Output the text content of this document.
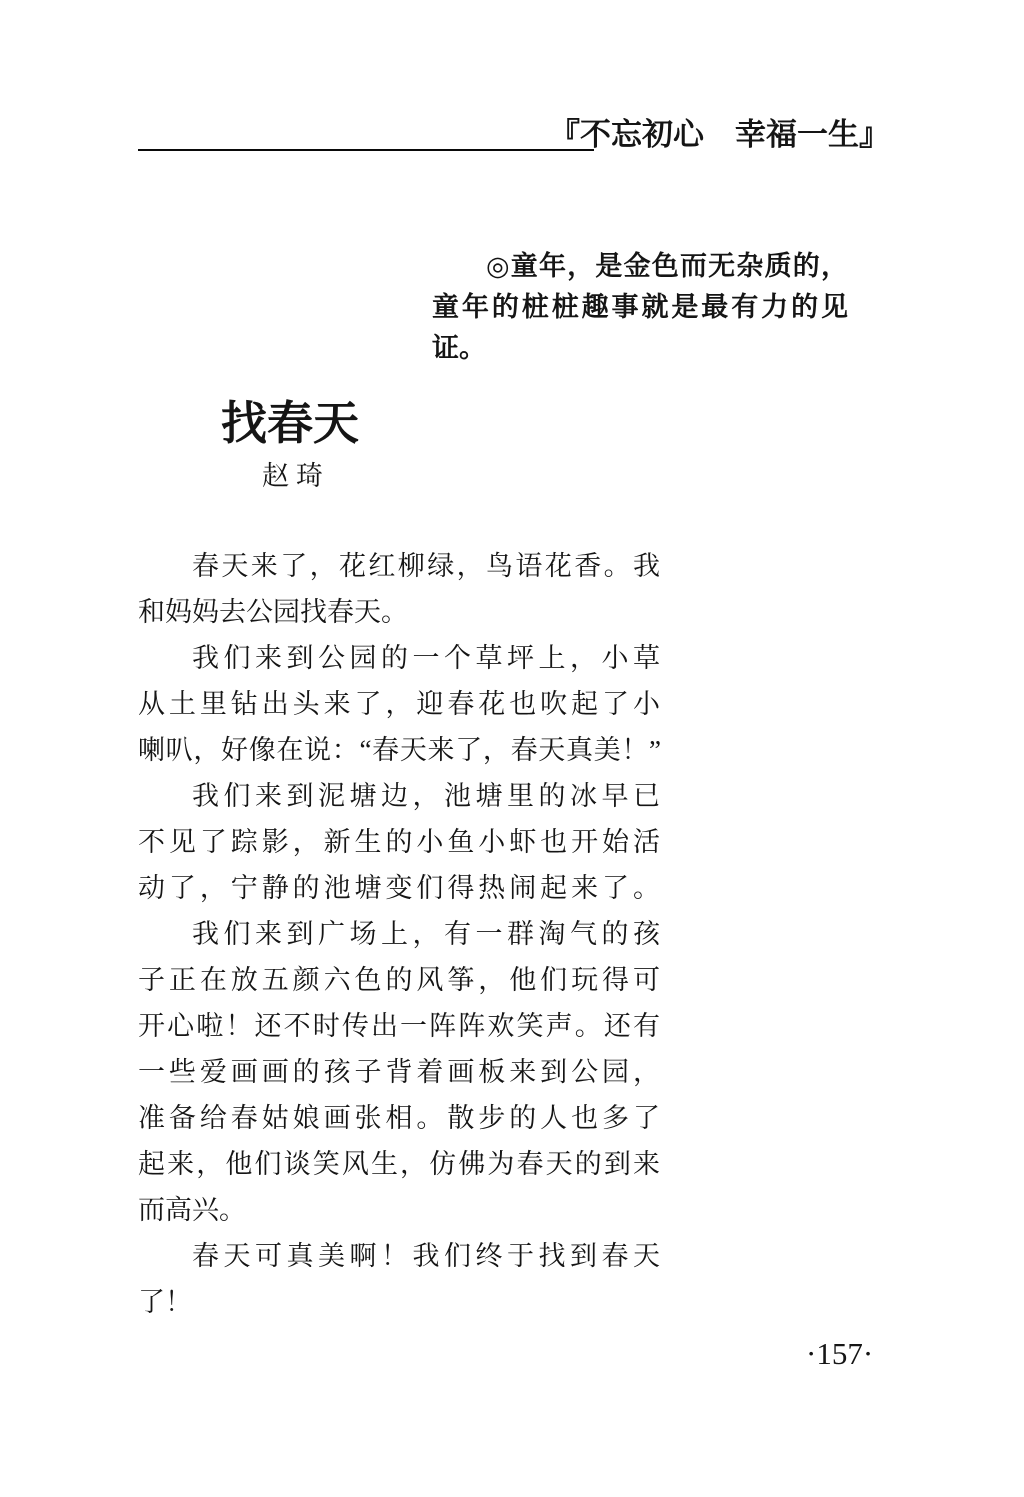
『不忘初心　幸福一生』
◎童年，是金色而无杂质的，
童年的桩桩趣事就是最有力的见
证。
找春天
赵琦
春天来了，花红柳绿，鸟语花香。我
和妈妈去公园找春天。
我们来到公园的一个草坪上，小草
从土里钻出头来了，迎春花也吹起了小
喇叭，好像在说：“春天来了，春天真美！”
我们来到泥塘边，池塘里的冰早已
不见了踪影，新生的小鱼小虾也开始活
动了，宁静的池塘变们得热闹起来了。
我们来到广场上，有一群淘气的孩
子正在放五颜六色的风筝，他们玩得可
开心啦！还不时传出一阵阵欢笑声。还有
一些爱画画的孩子背着画板来到公园，
准备给春姑娘画张相。散步的人也多了
起来，他们谈笑风生，仿佛为春天的到来
而高兴。
春天可真美啊！我们终于找到春天
了！
·157·
